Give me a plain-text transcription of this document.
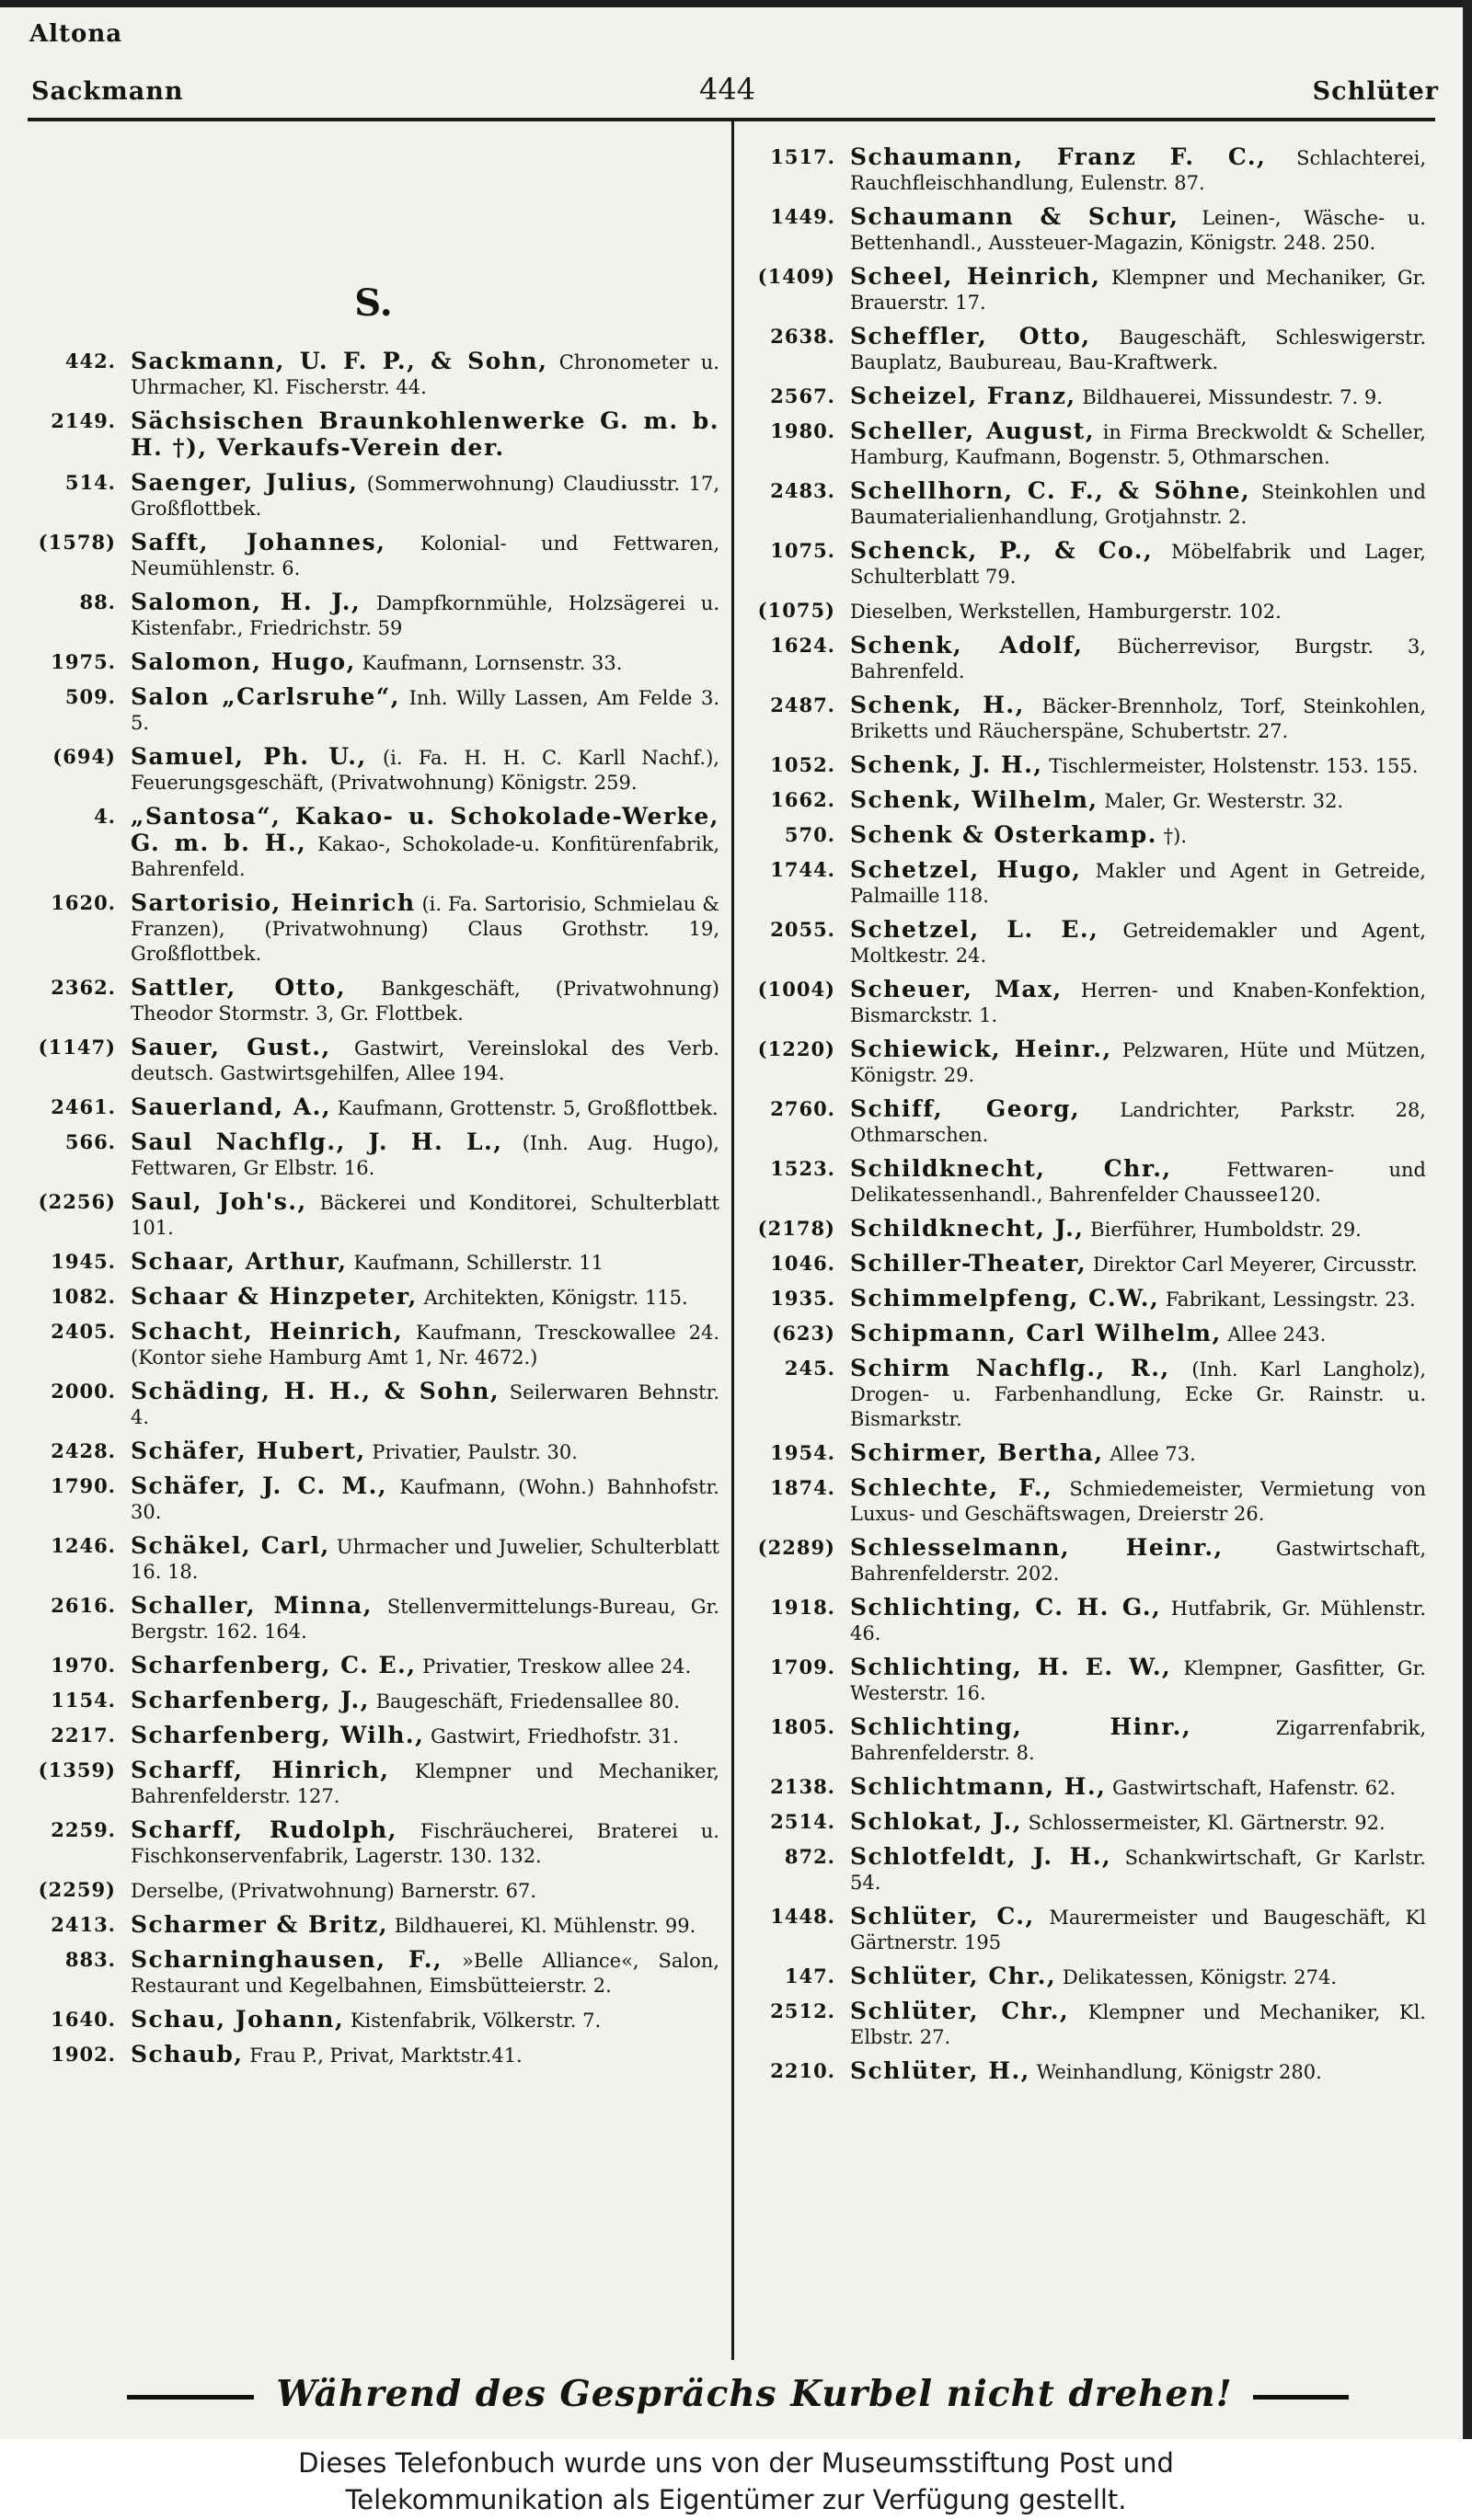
Altona
Sackmann	444	Schlüter
S.
442. Sackmann, U. F. P., & Sohn, Chronometer u. Uhrmacher, Kl. Fischerstr. 44.
2149. Sächsischen Braunkohlenwerke G. m. b. H. †), Verkaufs-Verein der.
514. Saenger, Julius, (Sommerwohnung) Claudiusstr. 17, Großflottbek.
(1578) Safft, Johannes, Kolonial- und Fettwaren, Neumühlenstr. 6.
88. Salomon, H. J., Dampfkornmühle, Holzsägerei u. Kistenfabr., Friedrichstr. 59
1975. Salomon, Hugo, Kaufmann, Lornsenstr. 33.
509. Salon „Carlsruhe“, Inh. Willy Lassen, Am Felde 3. 5.
(694) Samuel, Ph. U., (i. Fa. H. H. C. Karll Nachf.), Feuerungsgeschäft, (Privatwohnung) Königstr. 259.
4. „Santosa“, Kakao- u. Schokolade-Werke, G. m. b. H., Kakao-, Schokolade-u. Konfitürenfabrik, Bahrenfeld.
1620. Sartorisio, Heinrich (i. Fa. Sartorisio, Schmielau & Franzen), (Privatwohnung) Claus Grothstr. 19, Großflottbek.
2362. Sattler, Otto, Bankgeschäft, (Privatwohnung) Theodor Stormstr. 3, Gr. Flottbek.
(1147) Sauer, Gust., Gastwirt, Vereinslokal des Verb. deutsch. Gastwirtsgehilfen, Allee 194.
2461. Sauerland, A., Kaufmann, Grottenstr. 5, Großflottbek.
566. Saul Nachflg., J. H. L., (Inh. Aug. Hugo), Fettwaren, Gr Elbstr. 16.
(2256) Saul, Joh's., Bäckerei und Konditorei, Schulterblatt 101.
1945. Schaar, Arthur, Kaufmann, Schillerstr. 11
1082. Schaar & Hinzpeter, Architekten, Königstr. 115.
2405. Schacht, Heinrich, Kaufmann, Tresckowallee 24. (Kontor siehe Hamburg Amt 1, Nr. 4672.)
2000. Schäding, H. H., & Sohn, Seilerwaren Behnstr. 4.
2428. Schäfer, Hubert, Privatier, Paulstr. 30.
1790. Schäfer, J. C. M., Kaufmann, (Wohn.) Bahnhofstr. 30.
1246. Schäkel, Carl, Uhrmacher und Juwelier, Schulterblatt 16. 18.
2616. Schaller, Minna, Stellenvermittelungs-Bureau, Gr. Bergstr. 162. 164.
1970. Scharfenberg, C. E., Privatier, Treskow allee 24.
1154. Scharfenberg, J., Baugeschäft, Friedensallee 80.
2217. Scharfenberg, Wilh., Gastwirt, Friedhofstr. 31.
(1359) Scharff, Hinrich, Klempner und Mechaniker, Bahrenfelderstr. 127.
2259. Scharff, Rudolph, Fischräucherei, Braterei u. Fischkonservenfabrik, Lagerstr. 130. 132.
(2259) Derselbe, (Privatwohnung) Barnerstr. 67.
2413. Scharmer & Britz, Bildhauerei, Kl. Mühlenstr. 99.
883. Scharninghausen, F., »Belle Alliance«, Salon, Restaurant und Kegelbahnen, Eimsbütteierstr. 2.
1640. Schau, Johann, Kistenfabrik, Völkerstr. 7.
1902. Schaub, Frau P., Privat, Marktstr.41.
1517. Schaumann, Franz F. C., Schlachterei, Rauchfleischhandlung, Eulenstr. 87.
1449. Schaumann & Schur, Leinen-, Wäsche- u. Bettenhandl., Aussteuer-Magazin, Königstr. 248. 250.
(1409) Scheel, Heinrich, Klempner und Mechaniker, Gr. Brauerstr. 17.
2638. Scheffler, Otto, Baugeschäft, Schleswigerstr. Bauplatz, Baubureau, Bau-Kraftwerk.
2567. Scheizel, Franz, Bildhauerei, Missundestr. 7. 9.
1980. Scheller, August, in Firma Breckwoldt & Scheller, Hamburg, Kaufmann, Bogenstr. 5, Othmarschen.
2483. Schellhorn, C. F., & Söhne, Steinkohlen und Baumaterialienhandlung, Grotjahnstr. 2.
1075. Schenck, P., & Co., Möbelfabrik und Lager, Schulterblatt 79.
(1075) Dieselben, Werkstellen, Hamburgerstr. 102.
1624. Schenk, Adolf, Bücherrevisor, Burgstr. 3, Bahrenfeld.
2487. Schenk, H., Bäcker-Brennholz, Torf, Steinkohlen, Briketts und Räucherspäne, Schubertstr. 27.
1052. Schenk, J. H., Tischlermeister, Holstenstr. 153. 155.
1662. Schenk, Wilhelm, Maler, Gr. Westerstr. 32.
570. Schenk & Osterkamp. †).
1744. Schetzel, Hugo, Makler und Agent in Getreide, Palmaille 118.
2055. Schetzel, L. E., Getreidemakler und Agent, Moltkestr. 24.
(1004) Scheuer, Max, Herren- und Knaben-Konfektion, Bismarckstr. 1.
(1220) Schiewick, Heinr., Pelzwaren, Hüte und Mützen, Königstr. 29.
2760. Schiff, Georg, Landrichter, Parkstr. 28, Othmarschen.
1523. Schildknecht, Chr.,	Fettwaren- und Delikatessenhandl., Bahrenfelder Chaussee120.
(2178) Schildknecht, J., Bierführer, Humboldstr. 29.
1046. Schiller-Theater, Direktor Carl Meyerer, Circusstr.
1935. Schimmelpfeng, C.W., Fabrikant, Lessingstr. 23.
(623) Schipmann, Carl Wilhelm, Allee 243.
245. Schirm Nachflg., R., (Inh. Karl Langholz), Drogen- u. Farbenhandlung, Ecke Gr. Rainstr. u. Bismarkstr.
1954. Schirmer, Bertha, Allee 73.
1874. Schlechte, F., Schmiedemeister, Vermietung von Luxus- und Geschäftswagen, Dreierstr 26.
(2289) Schlesselmann, Heinr.,	Gastwirtschaft, Bahrenfelderstr. 202.
1918. Schlichting, C. H. G., Hutfabrik, Gr. Mühlenstr. 46.
1709. Schlichting, H. E. W., Klempner, Gasfitter, Gr. Westerstr. 16.
1805. Schlichting, Hinr.,	Zigarrenfabrik, Bahrenfelderstr. 8.
2138. Schlichtmann, H., Gastwirtschaft, Hafenstr. 62.
2514. Schlokat, J., Schlossermeister, Kl. Gärtnerstr. 92.
872. Schlotfeldt, J. H., Schankwirtschaft, Gr Karlstr. 54.
1448. Schlüter, C., Maurermeister und Baugeschäft, Kl Gärtnerstr. 195
147. Schlüter, Chr., Delikatessen, Königstr. 274.
2512. Schlüter, Chr., Klempner und Mechaniker, Kl. Elbstr. 27.
2210. Schlüter, H., Weinhandlung, Königstr 280.
Während des Gesprächs Kurbel nicht drehen!
Dieses Telefonbuch wurde uns von der Museumsstiftung Post und
Telekommunikation als Eigentümer zur Verfügung gestellt.
